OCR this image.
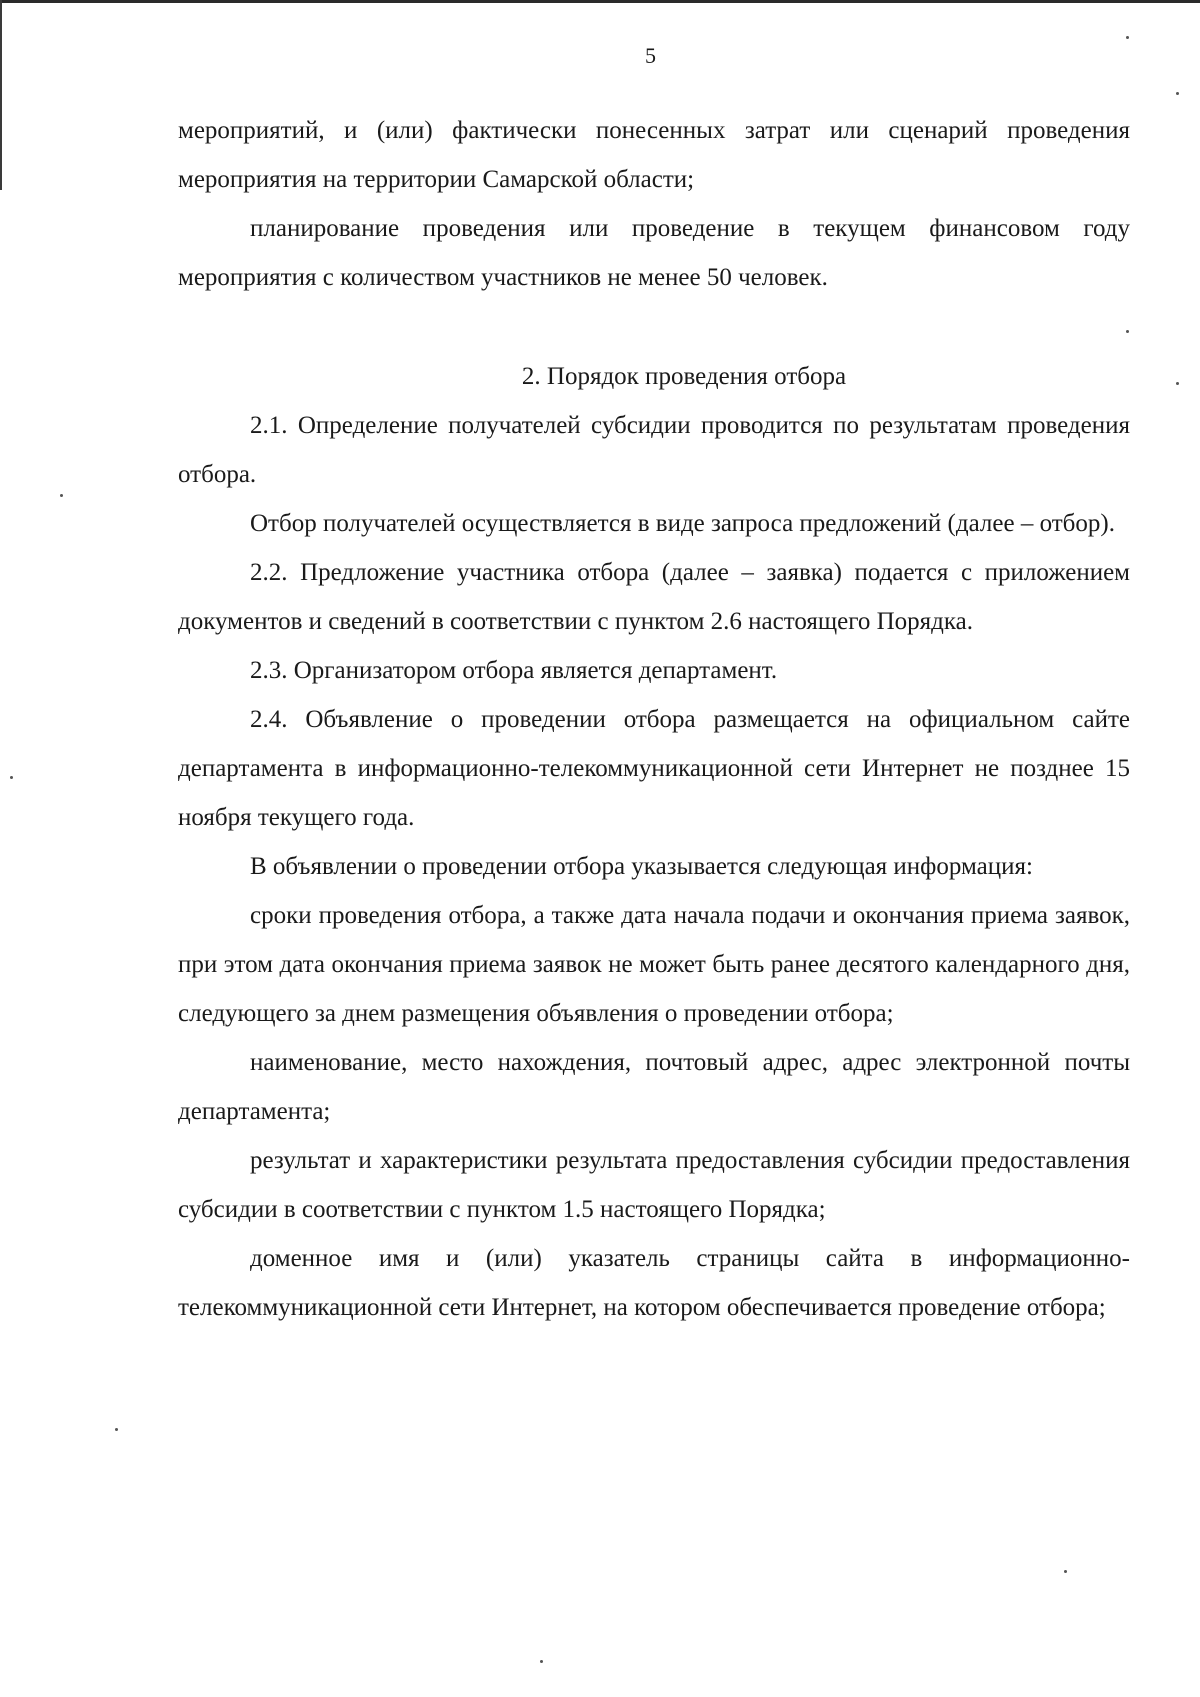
5

мероприятий, и (или) фактически понесенных затрат или сценарий проведения мероприятия на территории Самарской области;

планирование проведения или проведение в текущем финансовом году мероприятия с количеством участников не менее 50 человек.

2. Порядок проведения отбора

2.1. Определение получателей субсидии проводится по результатам проведения отбора.

Отбор получателей осуществляется в виде запроса предложений (далее – отбор).

2.2. Предложение участника отбора (далее – заявка) подается с приложением документов и сведений в соответствии с пунктом 2.6 настоящего Порядка.

2.3. Организатором отбора является департамент.

2.4. Объявление о проведении отбора размещается на официальном сайте департамента в информационно-телекоммуникационной сети Интернет не позднее 15 ноября текущего года.

В объявлении о проведении отбора указывается следующая информация:

сроки проведения отбора, а также дата начала подачи и окончания приема заявок, при этом дата окончания приема заявок не может быть ранее десятого календарного дня, следующего за днем размещения объявления о проведении отбора;

наименование, место нахождения, почтовый адрес, адрес электронной почты департамента;

результат и характеристики результата предоставления субсидии предоставления субсидии в соответствии с пунктом 1.5 настоящего Порядка;

доменное имя и (или) указатель страницы сайта в информационно-телекоммуникационной сети Интернет, на котором обеспечивается проведение отбора;
